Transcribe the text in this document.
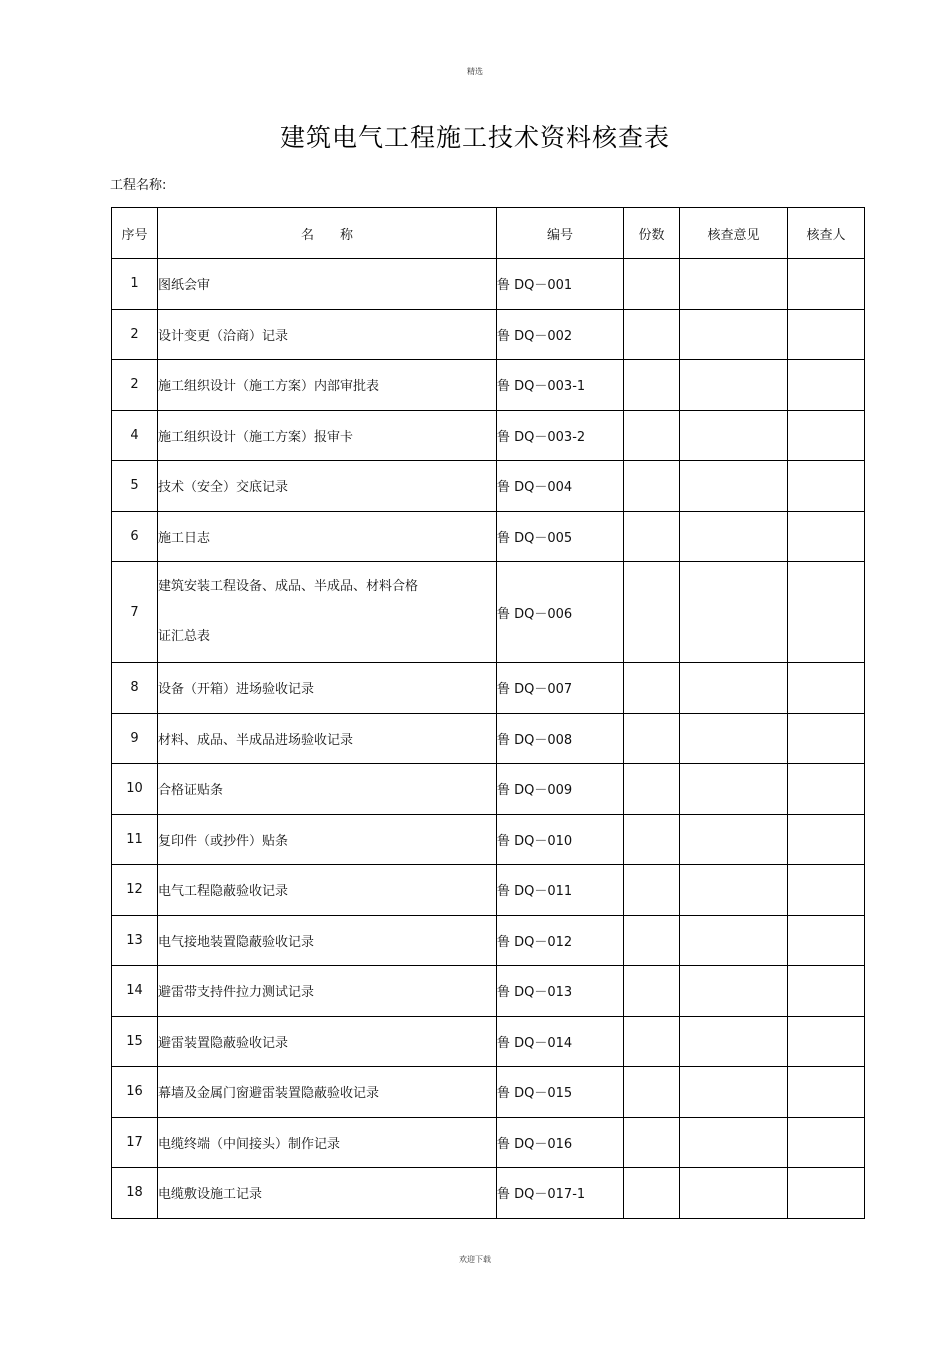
精选
建筑电气工程施工技术资料核查表
工程名称:
序号	名　　称	编号	份数	核查意见	核查人
1	图纸会审	鲁 DQ－001			
2	设计变更（洽商）记录	鲁 DQ－002			
2	施工组织设计（施工方案）内部审批表	鲁 DQ－003-1			
4	施工组织设计（施工方案）报审卡	鲁 DQ－003-2			
5	技术（安全）交底记录	鲁 DQ－004			
6	施工日志	鲁 DQ－005			
7	建筑安装工程设备、成品、半成品、材料合格
证汇总表	鲁 DQ－006			
8	设备（开箱）进场验收记录	鲁 DQ－007			
9	材料、成品、半成品进场验收记录	鲁 DQ－008			
10	合格证贴条	鲁 DQ－009			
11	复印件（或抄件）贴条	鲁 DQ－010			
12	电气工程隐蔽验收记录	鲁 DQ－011			
13	电气接地装置隐蔽验收记录	鲁 DQ－012			
14	避雷带支持件拉力测试记录	鲁 DQ－013			
15	避雷装置隐蔽验收记录	鲁 DQ－014			
16	幕墙及金属门窗避雷装置隐蔽验收记录	鲁 DQ－015			
17	电缆终端（中间接头）制作记录	鲁 DQ－016			
18	电缆敷设施工记录	鲁 DQ－017-1			
欢迎下载
